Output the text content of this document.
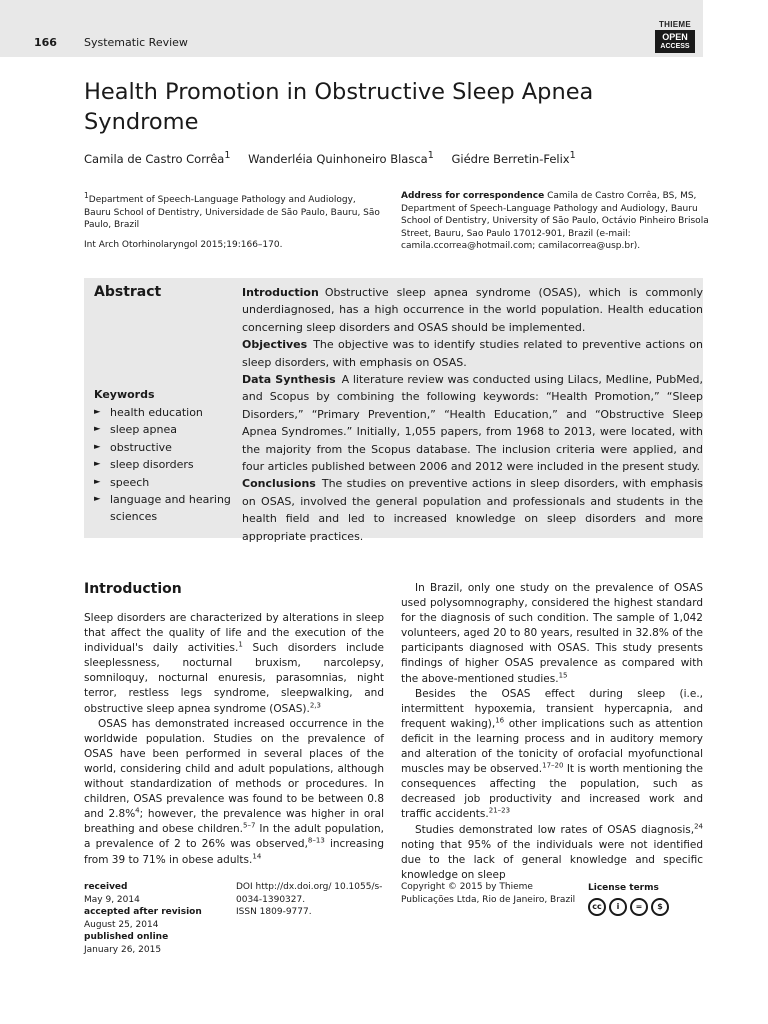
166 Systematic Review
THIEME
OPEN
ACCESS
Health Promotion in Obstructive Sleep Apnea Syndrome
Camila de Castro Corrêa$^1$ Wanderléia Quinhoneiro Blasca$^1$ Giédre Berretin-Felix$^1$
$^1$Department of Speech-Language Pathology and Audiology, Bauru School of Dentistry, Universidade de São Paulo, Bauru, São Paulo, Brazil
Int Arch Otorhinolaryngol 2015;19:166–170.
Address for correspondence Camila de Castro Corrêa, BS, MS, Department of Speech-Language Pathology and Audiology, Bauru School of Dentistry, University of São Paulo, Octávio Pinheiro Brisola Street, Bauru, Sao Paulo 17012-901, Brazil (e-mail: camila.ccorrea@hotmail.com; camilacorrea@usp.br).
Abstract
Keywords
► health education
► sleep apnea
► obstructive
► sleep disorders
► speech
► language and hearing sciences

Introduction Obstructive sleep apnea syndrome (OSAS), which is commonly underdiagnosed, has a high occurrence in the world population. Health education concerning sleep disorders and OSAS should be implemented.

Objectives The objective was to identify studies related to preventive actions on sleep disorders, with emphasis on OSAS.

Data Synthesis A literature review was conducted using Lilacs, Medline, PubMed, and Scopus by combining the following keywords: “Health Promotion,” “Sleep Disorders,” “Primary Prevention,” “Health Education,” and “Obstructive Sleep Apnea Syndromes.” Initially, 1,055 papers, from 1968 to 2013, were located, with the majority from the Scopus database. The inclusion criteria were applied, and four articles published between 2006 and 2012 were included in the present study.

Conclusions The studies on preventive actions in sleep disorders, with emphasis on OSAS, involved the general population and professionals and students in the health field and led to increased knowledge on sleep disorders and more appropriate practices.

Introduction

Sleep disorders are characterized by alterations in sleep that affect the quality of life and the execution of the individual's daily activities.$^1$ Such disorders include sleeplessness, nocturnal bruxism, narcolepsy, somniloquy, nocturnal enuresis, parasomnias, night terror, restless legs syndrome, sleepwalking, and obstructive sleep apnea syndrome (OSAS).$^{2,3}$

OSAS has demonstrated increased occurrence in the worldwide population. Studies on the prevalence of OSAS have been performed in several places of the world, considering child and adult populations, although without standardization of methods or procedures. In children, OSAS prevalence was found to be between 0.8 and 2.8%$^4$; however, the prevalence was higher in oral breathing and obese children.$^{5-7}$ In the adult population, a prevalence of 2 to 26% was observed,$^{8-13}$ increasing from 39 to 71% in obese adults.$^{14}$

In Brazil, only one study on the prevalence of OSAS used polysomnography, considered the highest standard for the diagnosis of such condition. The sample of 1,042 volunteers, aged 20 to 80 years, resulted in 32.8% of the participants diagnosed with OSAS. This study presents findings of higher OSAS prevalence as compared with the above-mentioned studies.$^{15}$

Besides the OSAS effect during sleep (i.e., intermittent hypoxemia, transient hypercapnia, and frequent waking),$^{16}$ other implications such as attention deficit in the learning process and in auditory memory and alteration of the tonicity of orofacial myofunctional muscles may be observed.$^{17-20}$ It is worth mentioning the consequences affecting the population, such as decreased job productivity and increased work and traffic accidents.$^{21-23}$

Studies demonstrated low rates of OSAS diagnosis,$^{24}$ noting that 95% of the individuals were not identified due to the lack of general knowledge and specific knowledge on sleep

received
May 9, 2014
accepted after revision
August 25, 2014
published online
January 26, 2015
DOI http://dx.doi.org/ 10.1055/s-0034-1390327.
ISSN 1809-9777.
Copyright © 2015 by Thieme Publicações Ltda, Rio de Janeiro, Brazil
License terms
cc	i	=	$
